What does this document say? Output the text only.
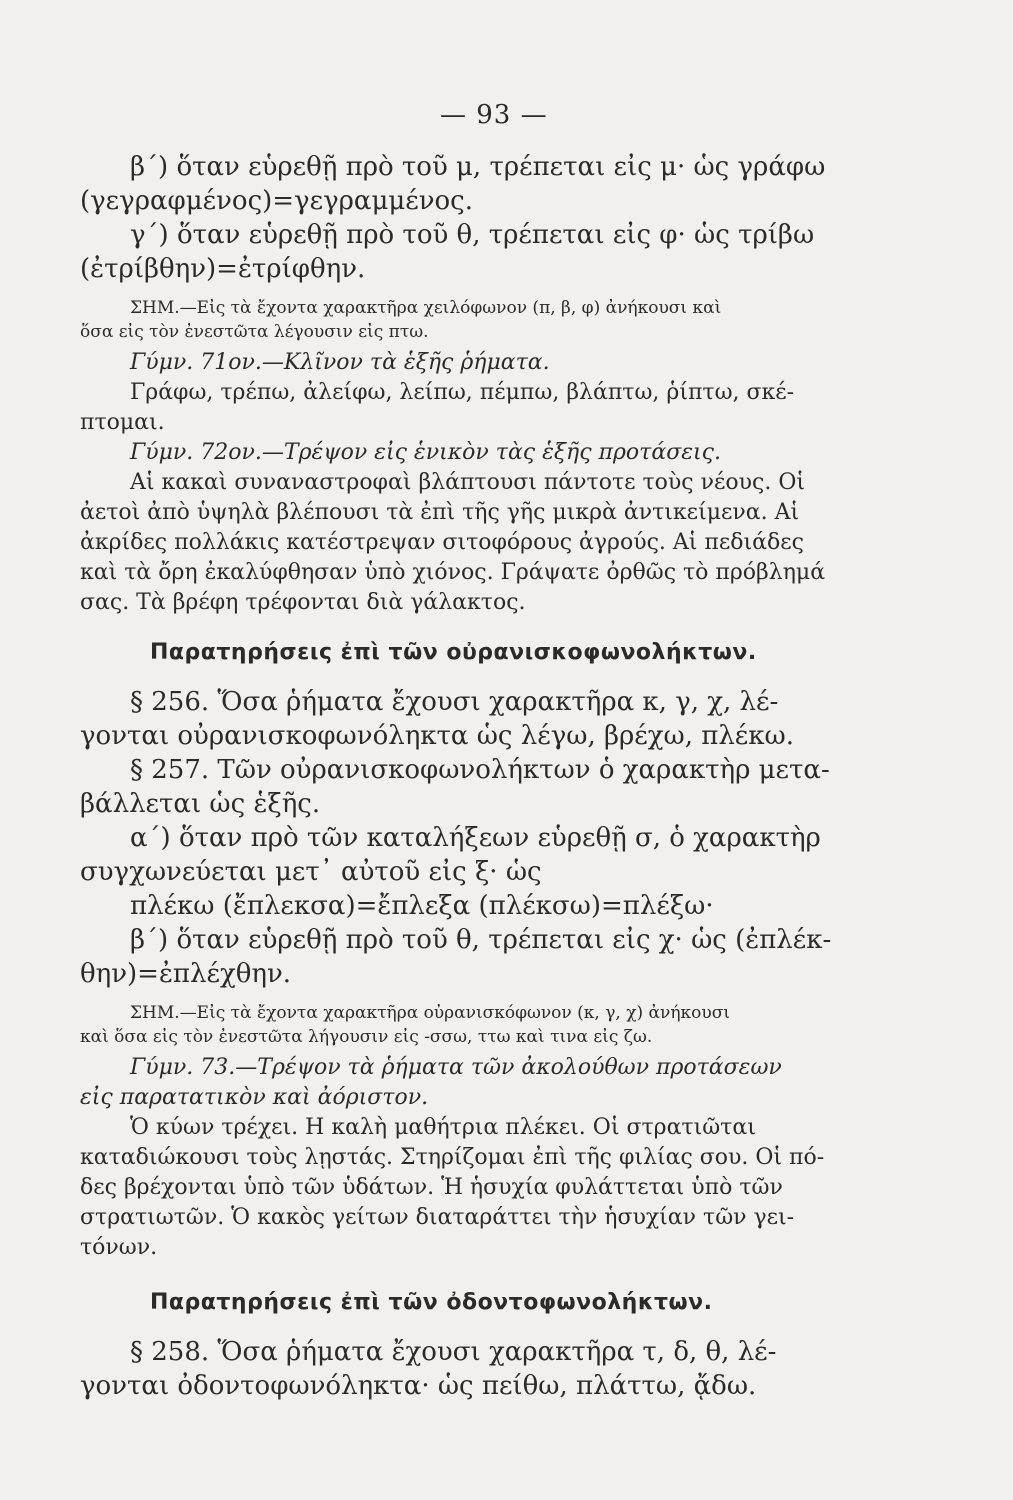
— 93 —

β΄) ὅταν εὑρεθῇ πρὸ τοῦ μ, τρέπεται εἰς μ· ὡς γράφω

(γεγραφμένος)=γεγραμμένος.

γ΄) ὅταν εὑρεθῇ πρὸ τοῦ θ, τρέπεται εἰς φ· ὡς τρίβω

(ἐτρίβθην)=ἐτρίφθην.

ΣΗΜ.—Εἰς τὰ ἔχοντα χαρακτῆρα χειλόφωνον (π, β, φ) ἀνήκουσι καὶ

ὅσα εἰς τὸν ἐνεστῶτα λέγουσιν εἰς πτω.

Γύμν. 71ον.—Κλῖνον τὰ ἑξῆς ῥήματα.

Γράφω, τρέπω, ἀλείφω, λείπω, πέμπω, βλάπτω, ῥίπτω, σκέ-

πτομαι.

Γύμν. 72ον.—Τρέψον εἰς ἑνικὸν τὰς ἑξῆς προτάσεις.

Αἱ κακαὶ συναναστροφαὶ βλάπτουσι πάντοτε τοὺς νέους. Οἱ

ἀετοὶ ἀπὸ ὑψηλὰ βλέπουσι τὰ ἐπὶ τῆς γῆς μικρὰ ἀντικείμενα. Αἱ

ἀκρίδες πολλάκις κατέστρεψαν σιτοφόρους ἀγρούς. Αἱ πεδιάδες

καὶ τὰ ὄρη ἐκαλύφθησαν ὑπὸ χιόνος. Γράψατε ὀρθῶς τὸ πρόβλημά

σας. Τὰ βρέφη τρέφονται διὰ γάλακτος.

Παρατηρήσεις ἐπὶ τῶν οὐρανισκοφωνολήκτων.

§ 256. Ὅσα ῥήματα ἔχουσι χαρακτῆρα κ, γ, χ, λέ-

γονται οὐρανισκοφωνόληκτα ὡς λέγω, βρέχω, πλέκω.

§ 257. Τῶν οὐρανισκοφωνολήκτων ὁ χαρακτὴρ μετα-

βάλλεται ὡς ἑξῆς.

α΄) ὅταν πρὸ τῶν καταλήξεων εὑρεθῇ σ, ὁ χαρακτὴρ

συγχωνεύεται μετ᾿ αὐτοῦ εἰς ξ· ὡς

πλέκω (ἔπλεκσα)=ἔπλεξα (πλέκσω)=πλέξω·

β΄) ὅταν εὑρεθῇ πρὸ τοῦ θ, τρέπεται εἰς χ· ὡς (ἐπλέκ-

θην)=ἐπλέχθην.

ΣΗΜ.—Εἰς τὰ ἔχοντα χαρακτῆρα οὐρανισκόφωνον (κ, γ, χ) ἀνήκουσι

καὶ ὅσα εἰς τὸν ἐνεστῶτα λήγουσιν εἰς -σσω, ττω καὶ τινα εἰς ζω.

Γύμν. 73.—Τρέψον τὰ ῥήματα τῶν ἀκολούθων προτάσεων

εἰς παρατατικὸν καὶ ἀόριστον.

Ὁ κύων τρέχει. Η καλὴ μαθήτρια πλέκει. Οἱ στρατιῶται

καταδιώκουσι τοὺς λῃστάς. Στηρίζομαι ἐπὶ τῆς φιλίας σου. Οἱ πό-

δες βρέχονται ὑπὸ τῶν ὑδάτων. Ἡ ἡσυχία φυλάττεται ὑπὸ τῶν

στρατιωτῶν. Ὁ κακὸς γείτων διαταράττει τὴν ἡσυχίαν τῶν γει-

τόνων.

Παρατηρήσεις ἐπὶ τῶν ὀδοντοφωνολήκτων.

§ 258. Ὅσα ῥήματα ἔχουσι χαρακτῆρα τ, δ, θ, λέ-

γονται ὀδοντοφωνόληκτα· ὡς πείθω, πλάττω, ᾄδω.
